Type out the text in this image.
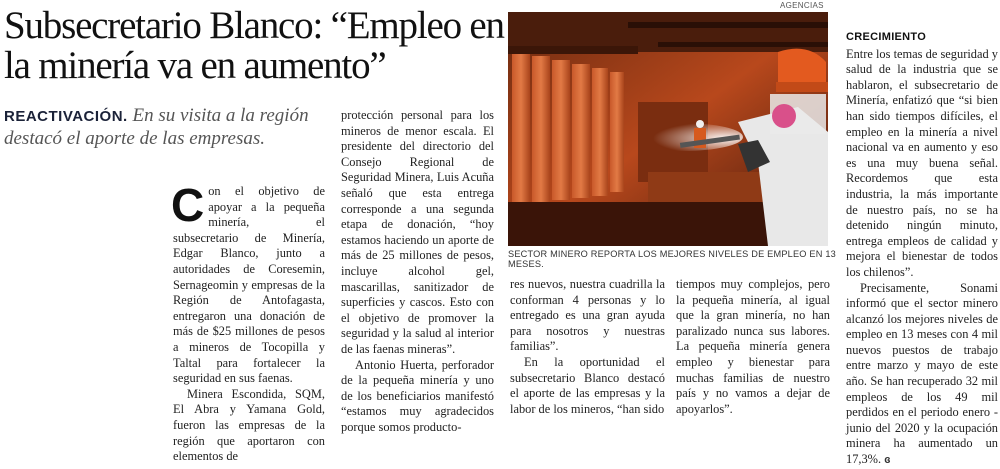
Subsecretario Blanco: “Empleo en la minería va en aumento”
REACTIVACIÓN. En su visita a la región destacó el aporte de las empresas.

Con el objetivo de apoyar a la pequeña minería, el subsecretario de Minería, Edgar Blanco, junto a autoridades de Coresemin, Sernageomin y empresas de la Región de Antofagasta, entregaron una donación de más de $25 millones de pesos a mineros de Tocopilla y Taltal para fortalecer la seguridad en sus faenas.

Minera Escondida, SQM, El Abra y Yamana Gold, fueron las empresas de la región que aportaron con elementos de

protección personal para los mineros de menor escala. El presidente del directorio del Consejo Regional de Seguridad Minera, Luis Acuña señaló que esta entrega corresponde a una segunda etapa de donación, “hoy estamos haciendo un aporte de más de 25 millones de pesos, incluye alcohol gel, mascarillas, sanitizador de superficies y cascos. Esto con el objetivo de promover la seguridad y la salud al interior de las faenas mineras”.

Antonio Huerta, perforador de la pequeña minería y uno de los beneficiarios manifestó “estamos muy agradecidos porque somos producto-

AGENCIAS
SECTOR MINERO REPORTA LOS MEJORES NIVELES DE EMPLEO EN 13 MESES.

res nuevos, nuestra cuadrilla la conforman 4 personas y lo entregado es una gran ayuda para nosotros y nuestras familias”.

En la oportunidad el subsecretario Blanco destacó el aporte de las empresas y la labor de los mineros, “han sido

tiempos muy complejos, pero la pequeña minería, al igual que la gran minería, no han paralizado nunca sus labores. La pequeña minería genera empleo y bienestar para muchas familias de nuestro país y no vamos a dejar de apoyarlos”.

CRECIMIENTO

Entre los temas de seguridad y salud de la industria que se hablaron, el subsecretario de Minería, enfatizó que “si bien han sido tiempos difíciles, el empleo en la minería a nivel nacional va en aumento y eso es una muy buena señal. Recordemos que esta industria, la más importante de nuestro país, no se ha detenido ningún minuto, entrega empleos de calidad y mejora el bienestar de todos los chilenos”.

Precisamente, Sonami informó que el sector minero alcanzó los mejores niveles de empleo en 13 meses con 4 mil nuevos puestos de trabajo entre marzo y mayo de este año. Se han recuperado 32 mil empleos de los 49 mil perdidos en el periodo enero - junio del 2020 y la ocupación minera ha aumentado un 17,3%. ɞ
